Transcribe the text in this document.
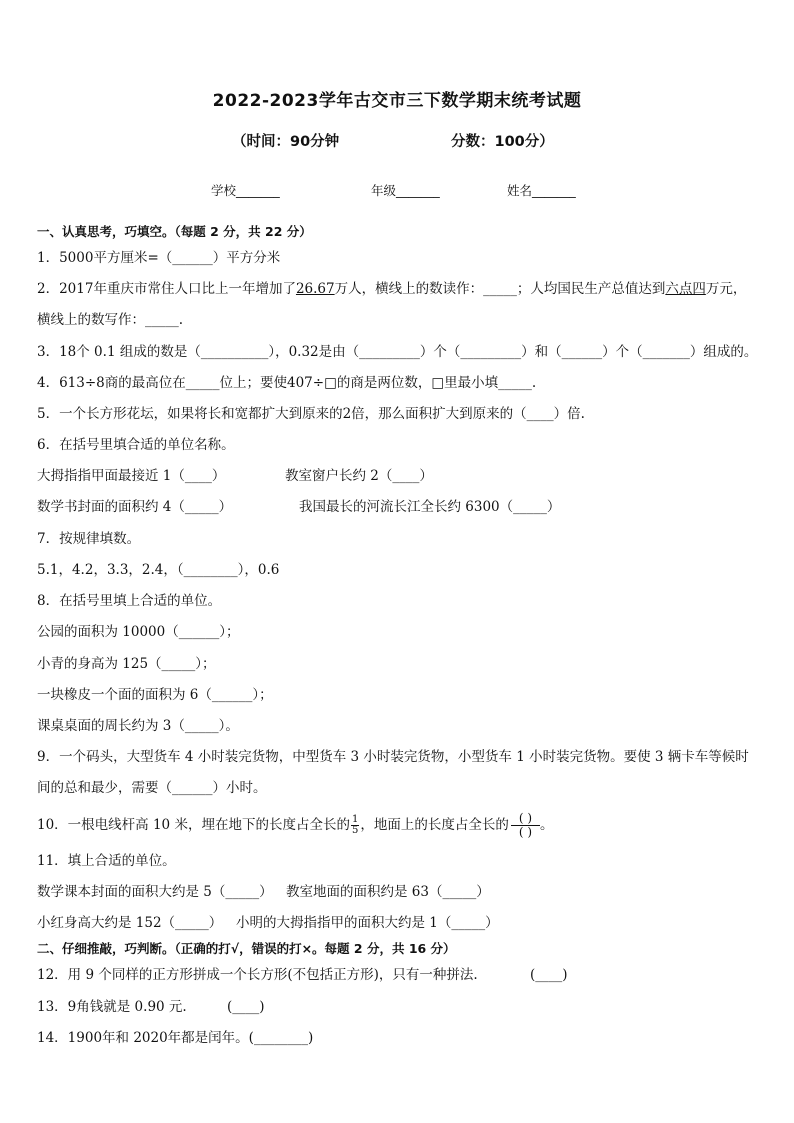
2022-2023学年古交市三下数学期末统考试题
（时间：90分钟	分数：100分）
学校_______	年级_______	姓名_______
一、认真思考，巧填空。（每题 2 分，共 22 分）
1．5000平方厘米=（______）平方分米
2．2017年重庆市常住人口比上一年增加了26.67万人，横线上的数读作：_____；人均国民生产总值达到六点四万元，
横线上的数写作：_____.
3．18个 0.1 组成的数是（__________），0.32是由（_________）个（_________）和（______）个（_______）组成的。
4．613÷8商的最高位在_____位上；要使407÷□的商是两位数，□里最小填_____.
5．一个长方形花坛，如果将长和宽都扩大到原来的2倍，那么面积扩大到原来的（____）倍.
6．在括号里填合适的单位名称。
大拇指指甲面最接近 1（____）	教室窗户长约 2（____）
数学书封面的面积约 4（_____）	我国最长的河流长江全长约 6300（_____）
7．按规律填数。
5.1，4.2，3.3，2.4，（________），0.6
8．在括号里填上合适的单位。
公园的面积为 10000（______）；
小青的身高为 125（_____）；
一块橡皮一个面的面积为 6（______）；
课桌桌面的周长约为 3（_____）。
9．一个码头，大型货车 4 小时装完货物，中型货车 3 小时装完货物，小型货车 1 小时装完货物。要使 3 辆卡车等候时
间的总和最少，需要（______）小时。
10．一根电线杆高 10 米，埋在地下的长度占全长的 $\frac{1}{5}$ ，地面上的长度占全长的 $\frac{( )}{( )}$ 。
11．填上合适的单位。
数学课本封面的面积大约是 5（_____） 教室地面的面积约是 63（_____）
小红身高大约是 152（_____） 小明的大拇指指甲的面积大约是 1（_____）
二、仔细推敲，巧判断。（正确的打√，错误的打×。每题 2 分，共 16 分）
12．用 9 个同样的正方形拼成一个长方形(不包括正方形)，只有一种拼法.	(____)
13．9角钱就是 0.90 元.	(____)
14．1900年和 2020年都是闰年。(________)
